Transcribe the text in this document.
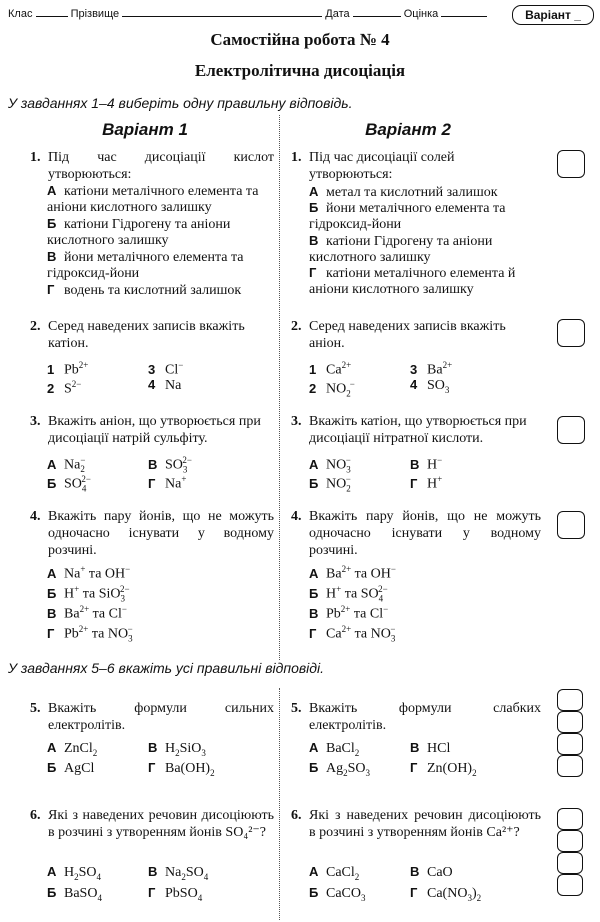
Клас	Прізвище	Дата	Оцінка	Варіант _
Самостійна робота № 4
Електролітична дисоціація
У завданнях 1–4 виберіть одну правильну відповідь.
Варіант 1	Варіант 2
1. Під час дисоціації кислот утворюються:
А катіони металічного елемента та аніони кислотного залишку
Б катіони Гідрогену та аніони кислотного залишку
В йони металічного елемента та гідроксид-йони
Г водень та кислотний залишок
2. Серед наведених записів вкажіть катіон.
1 $Pb^{2+}$	3 Cl−
2 $S^{2-}$	4 Na
3. Вкажіть аніон, що утворюється при дисоціації натрій сульфіту.
А $Na^-_2$	В $SO_3^{2-}$
Б $SO_4^{2-}$	Г Na+
4. Вкажіть пару йонів, що не можуть одночасно існувати у водному розчині.
А Na+ та OH−
Б H+ та SiO$_3^{2-}$
В $Ba^{2+}$ та Cl−
Г $Pb^{2+}$ та $NO_3^-$
У завданнях 5–6 вкажіть усі правильні відповіді.
5. Вкажіть формули сильних електролітів.
А ZnCl$_2$	В $H_2SiO_3$
Б AgCl	Г $Ba(OH)_2$
6. Які з наведених речовин дисоціюють в розчині з утворенням йонів SO₄²⁻?
А $H_2SO_4$	В $Na_2SO_4$
Б BaSO$_4$	Г PbSO$_4$
1. Під час дисоціації солей утворюються:
А метал та кислотний залишок
Б йони металічного елемента та гідроксид-йони
В катіони Гідрогену та аніони кислотного залишку
Г катіони металічного елемента й аніони кислотного залишку
2. Серед наведених записів вкажіть аніон.
1 $Ca^{2+}$	3 $Ba^{2+}$
2 $NO_2^-$	4 $SO_3$
3. Вкажіть катіон, що утворюється при дисоціації нітратної кислоти.
А $NO_3^-$	В H−
Б $NO_2^-$	Г H+
4. Вкажіть пару йонів, що не можуть одночасно існувати у водному розчині.
А $Ba^{2+}$ та OH−
Б H+ та $SO_4^{2-}$
В $Pb^{2+}$ та Cl−
Г $Ca^{2+}$ та $NO_3^-$
5. Вкажіть формули слабких електролітів.
А BaCl$_2$	В HCl
Б $Ag_2SO_3$	Г $Zn(OH)_2$
6. Які з наведених речовин дисоціюють в розчині з утворенням йонів Ca²⁺?
А CaCl$_2$	В CaO
Б CaCO$_3$	Г $Ca(NO_3)_2$
